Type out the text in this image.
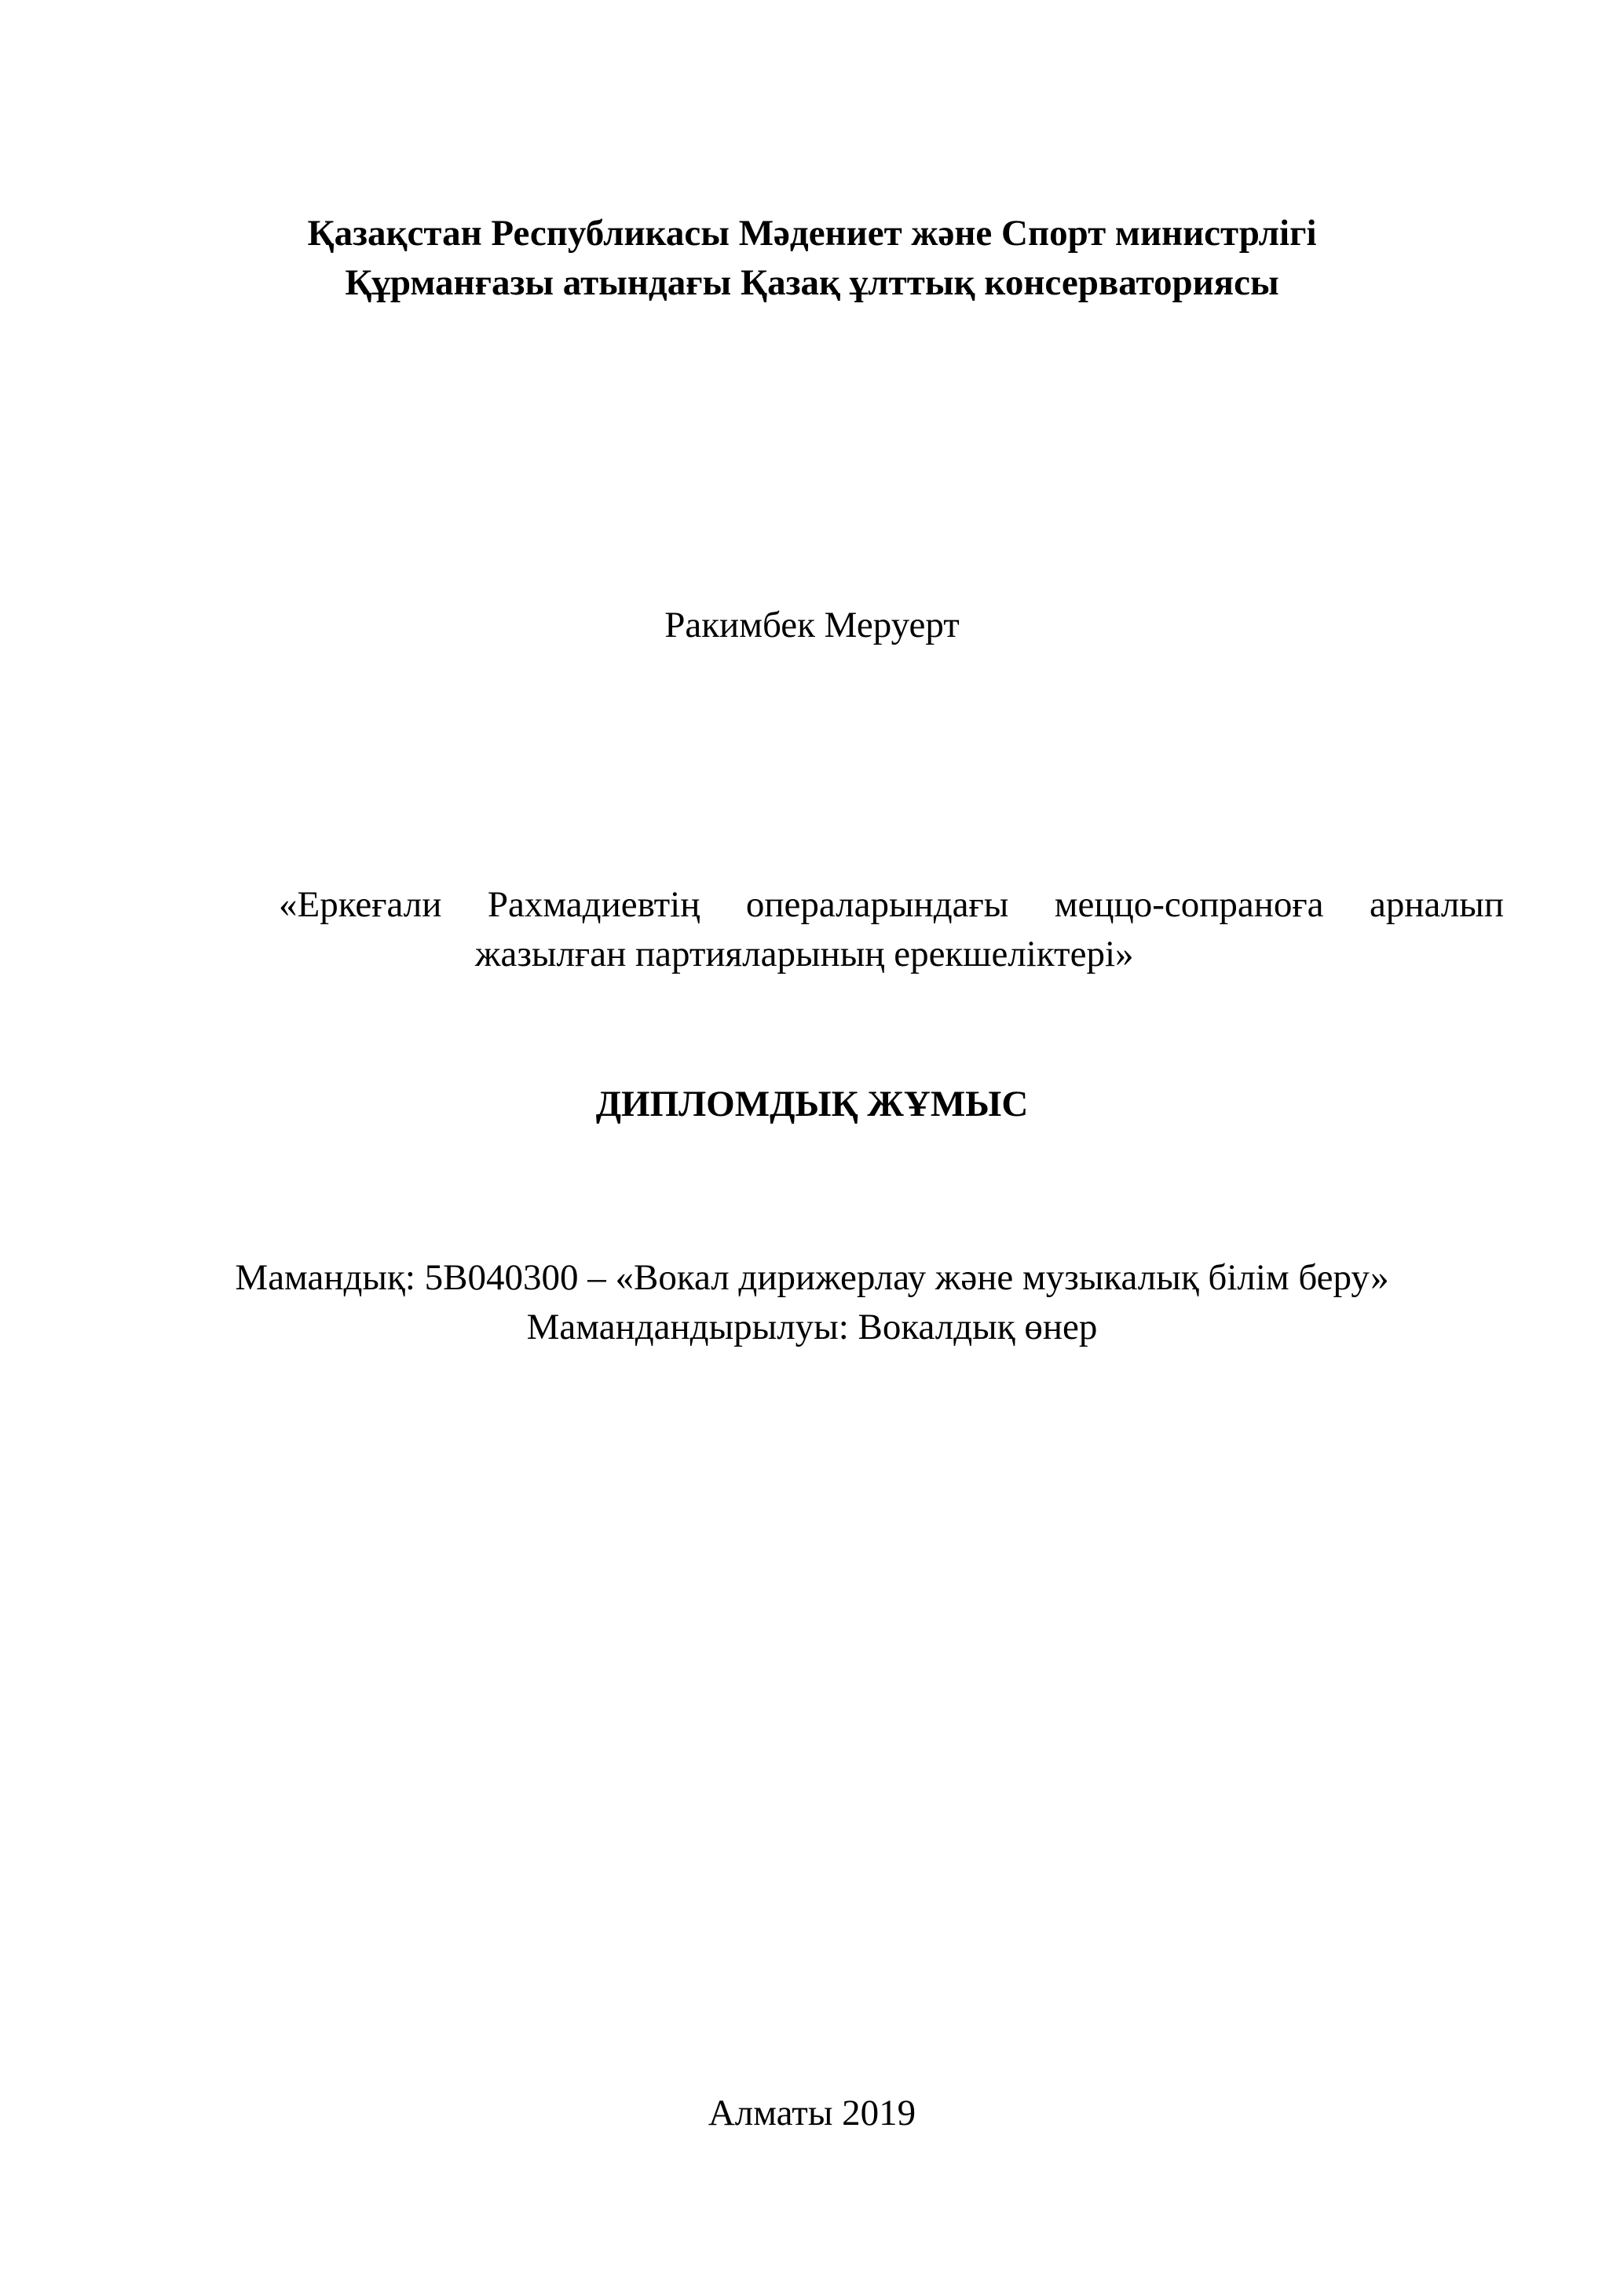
Қазақстан Республикасы Мәдениет және Спорт министрлігі
Құрманғазы атындағы Қазақ ұлттық консерваториясы
Ракимбек Меруерт
«Еркеғали Рахмадиевтің операларындағы меццо-сопраноға арналып
жазылған партияларының ерекшеліктері»
ДИПЛОМДЫҚ ЖҰМЫС
Мамандық: 5В040300 – «Вокал дирижерлау және музыкалық білім беру»
Мамандандырылуы: Вокалдық өнер
Алматы 2019
